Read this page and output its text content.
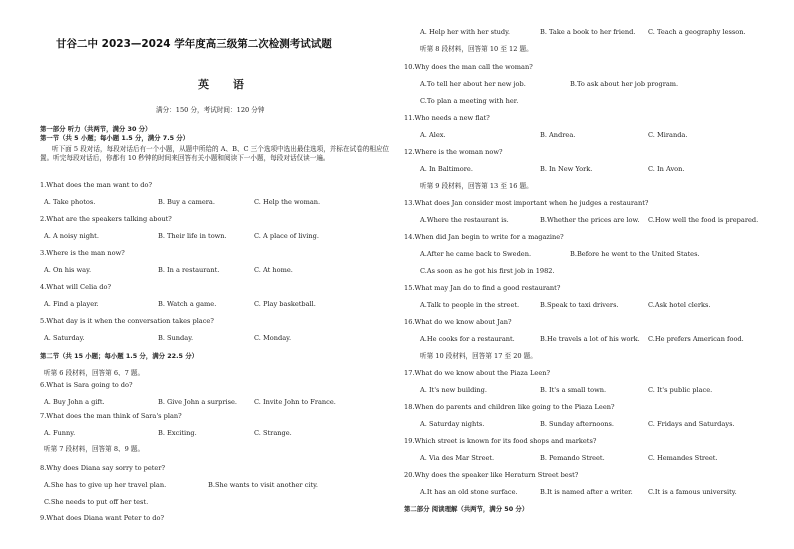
甘谷二中 2023—2024 学年度高三级第二次检测考试试题
英 语
满分：150 分，考试时间：120 分钟
第一部分 听力（共两节，满分 30 分）
第一节（共 5 小题；每小题 1.5 分，满分 7.5 分）
听下面 5 段对话，每段对话后有一个小题，从题中所给的 A、B、C 三个选项中选出最佳选项，并标在试卷的相应位置。听完每段对话后，你都有 10 秒钟的时间来回答有关小题和阅读下一小题，每段对话仅读一遍。
1.What does the man want to do?
A. Take photos.	B. Buy a camera.	C. Help the woman.
2.What are the speakers talking about?
A. A noisy night.	B. Their life in town.	C. A place of living.
3.Where is the man now?
A. On his way.	B. In a restaurant.	C. At home.
4.What will Celia do?
A. Find a player.	B. Watch a game.	C. Play basketball.
5.What day is it when the conversation takes place?
A. Saturday.	B. Sunday.	C. Monday.
第二节（共 15 小题；每小题 1.5 分，满分 22.5 分）
听第 6 段材料，回答第 6、7 题。
6.What is Sara going to do?
A. Buy John a gift.	B. Give John a surprise.	C. Invite John to France.
7.What does the man think of Sara's plan?
A. Funny.	B. Exciting.	C. Strange.
听第 7 段材料，回答第 8、9 题。
8.Why does Diana say sorry to peter?
A.She has to give up her travel plan.	B.She wants to visit another city.
C.She needs to put off her test.
9.What does Diana want Peter to do?
A. Help her with her study.	B. Take a book to her friend. C. Teach a geography lesson.
听第 8 段材料，回答第 10 至 12 题。
10.Why does the man call the woman?
A.To tell her about her new job.	B.To ask about her job program.
C.To plan a meeting with her.
11.Who needs a new flat?
A. Alex.	B. Andrea.	C. Miranda.
12.Where is the woman now?
A. In Baltimore.	B. In New York.	C. In Avon.
听第 9 段材料，回答第 13 至 16 题。
13.What does Jan consider most important when he judges a restaurant?
A.Where the restaurant is.	B.Whether the prices are low. C.How well the food is prepared.
14.When did Jan begin to write for a magazine?
A.After he came back to Sweden.	B.Before he went to the United States.
C.As soon as he got his first job in 1982.
15.What may Jan do to find a good restaurant?
A.Talk to people in the street.	B.Speak to taxi drivers.	C.Ask hotel clerks.
16.What do we know about Jan?
A.He cooks for a restaurant.	B.He travels a lot of his work. C.He prefers American food.
听第 10 段材料，回答第 17 至 20 题。
17.What do we know about the Piaza Leen?
A. It's new building.	B. It's a small town.	C. It's public place.
18.When do parents and children like going to the Piaza Leen?
A. Saturday nights.	B. Sunday afternoons.	C. Fridays and Saturdays.
19.Which street is known for its food shops and markets?
A. Via des Mar Street.	B. Pemando Street.	C. Hemandes Street.
20.Why does the speaker like Heraturn Street best?
A.It has an old stone surface.	B.It is named after a writer. C.It is a famous university.
第二部分 阅读理解（共两节，满分 50 分）
